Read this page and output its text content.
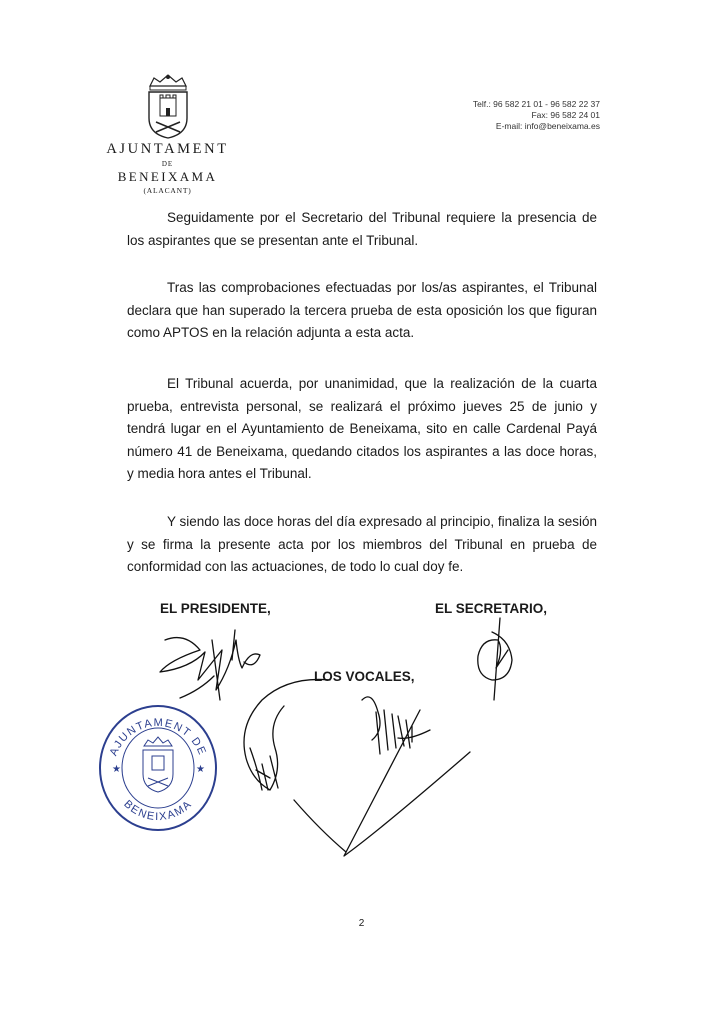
AJUNTAMENT
DE
BENEIXAMA
(ALACANT)
Telf.: 96 582 21 01 - 96 582 22 37
Fax: 96 582 24 01
E-mail: info@beneixama.es
Seguidamente por el Secretario del Tribunal requiere la presencia de los aspirantes que se presentan ante el Tribunal.
Tras las comprobaciones efectuadas por los/as aspirantes, el Tribunal declara que han superado la tercera prueba de esta oposición los que figuran como APTOS en la relación adjunta a esta acta.
El Tribunal acuerda, por unanimidad, que la realización de la cuarta prueba, entrevista personal, se realizará el próximo jueves 25 de junio y tendrá lugar en el Ayuntamiento de Beneixama, sito en calle Cardenal Payá número 41 de Beneixama, quedando citados los aspirantes a las doce horas, y media hora antes el Tribunal.
Y siendo las doce horas del día expresado al principio, finaliza la sesión y se firma la presente acta por los miembros del Tribunal en prueba de conformidad con las actuaciones, de todo lo cual doy fe.
EL PRESIDENTE,	EL SECRETARIO,
LOS VOCALES,
AJUNTAMENT DE
BENEIXAMA
★	★
2
